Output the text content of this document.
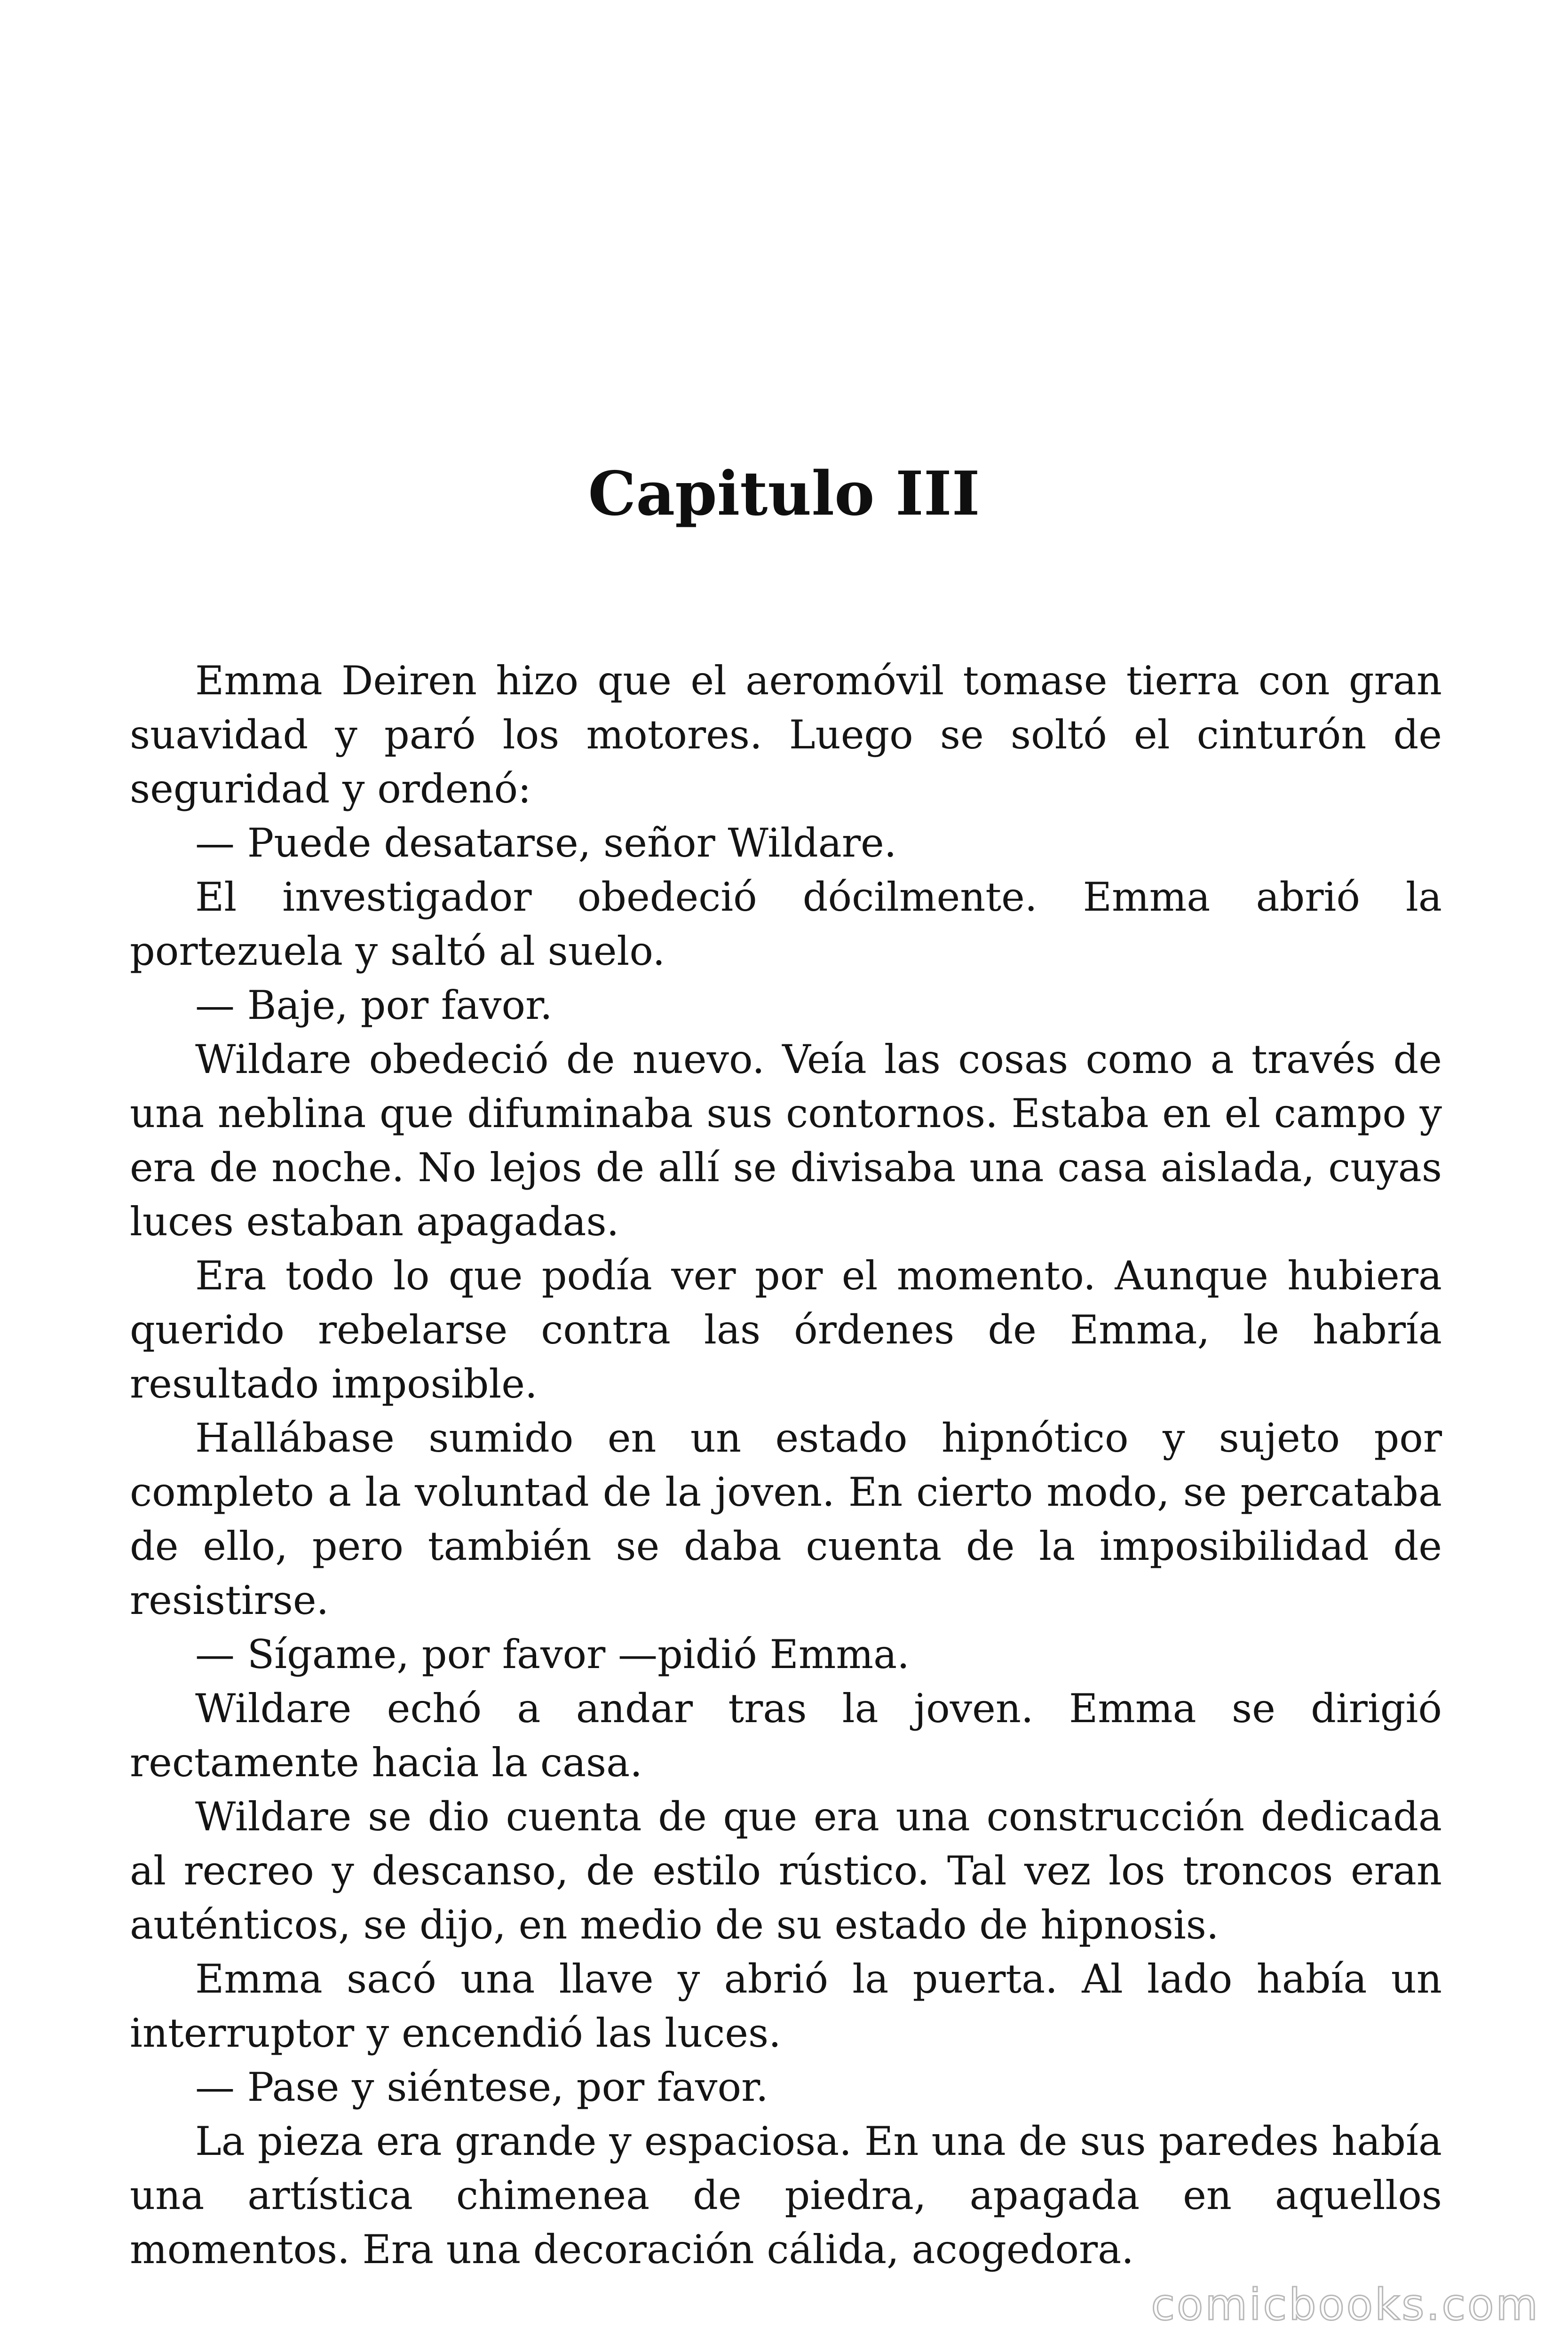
Capitulo III

Emma Deiren hizo que el aeromóvil tomase tierra con gran suavidad y paró los motores. Luego se soltó el cinturón de seguridad y ordenó:

— Puede desatarse, señor Wildare.

El investigador obedeció dócilmente. Emma abrió la portezuela y saltó al suelo.

— Baje, por favor.

Wildare obedeció de nuevo. Veía las cosas como a través de una neblina que difuminaba sus contornos. Estaba en el campo y era de noche. No lejos de allí se divisaba una casa aislada, cuyas luces estaban apagadas.

Era todo lo que podía ver por el momento. Aunque hubiera querido rebelarse contra las órdenes de Emma, le habría resultado imposible.

Hallábase sumido en un estado hipnótico y sujeto por completo a la voluntad de la joven. En cierto modo, se percataba de ello, pero también se daba cuenta de la imposibilidad de resistirse.

— Sígame, por favor —pidió Emma.

Wildare echó a andar tras la joven. Emma se dirigió rectamente hacia la casa.

Wildare se dio cuenta de que era una construcción dedicada al recreo y descanso, de estilo rústico. Tal vez los troncos eran auténticos, se dijo, en medio de su estado de hipnosis.

Emma sacó una llave y abrió la puerta. Al lado había un interruptor y encendió las luces.

— Pase y siéntese, por favor.

La pieza era grande y espaciosa. En una de sus paredes había una artística chimenea de piedra, apagada en aquellos momentos. Era una decoración cálida, acogedora.

comicbooks.com
